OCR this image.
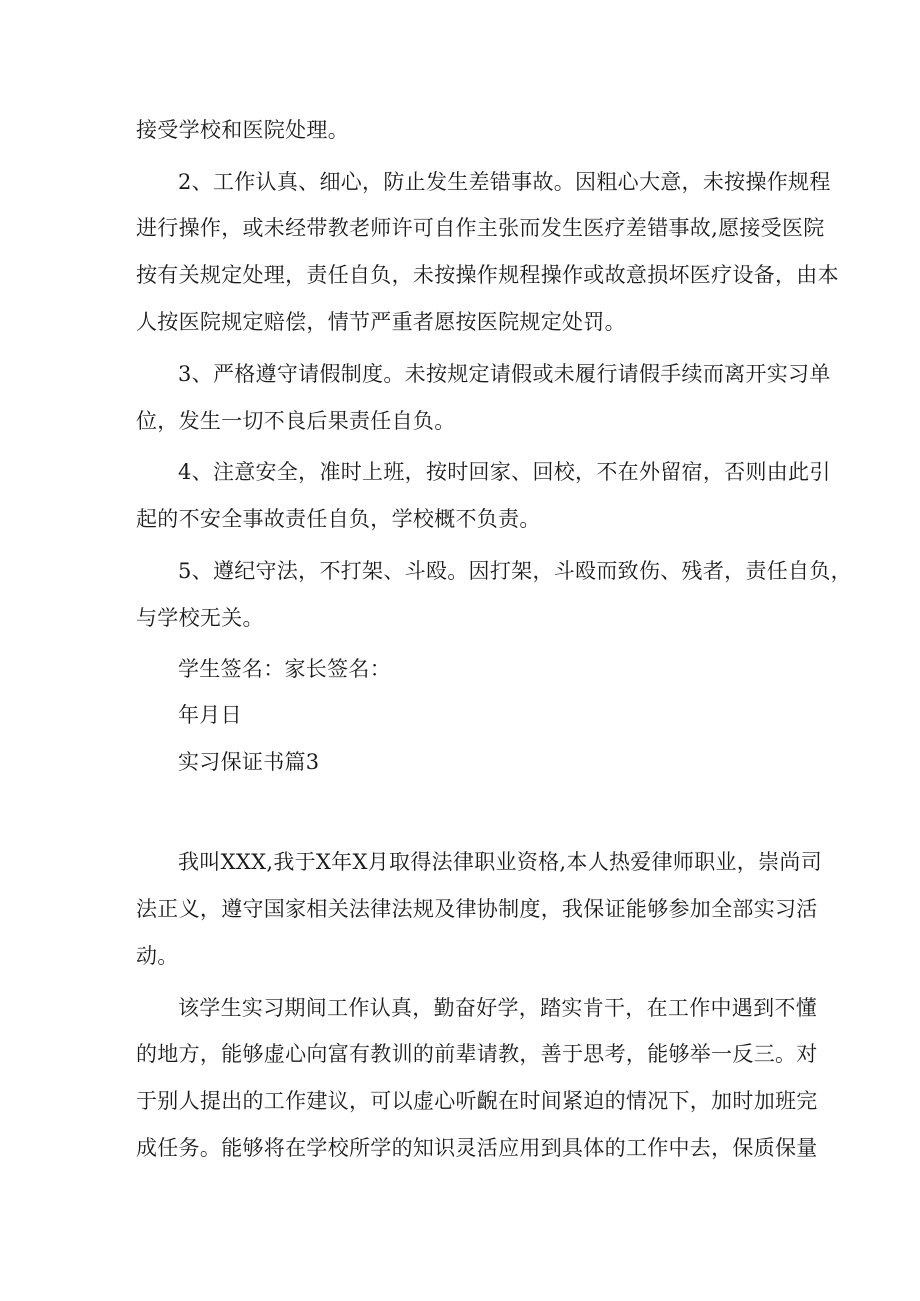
接受学校和医院处理。
2、工作认真、细心，防止发生差错事故。因粗心大意，未按操作规程
进行操作，或未经带教老师许可自作主张而发生医疗差错事故,愿接受医院
按有关规定处理，责任自负，未按操作规程操作或故意损坏医疗设备，由本
人按医院规定赔偿，情节严重者愿按医院规定处罚。
3、严格遵守请假制度。未按规定请假或未履行请假手续而离开实习单
位，发生一切不良后果责任自负。
4、注意安全，准时上班，按时回家、回校，不在外留宿，否则由此引
起的不安全事故责任自负，学校概不负责。
5、遵纪守法，不打架、斗殴。因打架，斗殴而致伤、残者，责任自负，
与学校无关。
学生签名：家长签名：
年月日
实习保证书篇3
我叫XXX,我于X年X月取得法律职业资格,本人热爱律师职业，崇尚司
法正义，遵守国家相关法律法规及律协制度，我保证能够参加全部实习活
动。
该学生实习期间工作认真，勤奋好学，踏实肯干，在工作中遇到不懂
的地方，能够虚心向富有教训的前辈请教，善于思考，能够举一反三。对
于别人提出的工作建议，可以虚心听齯在时间紧迫的情况下，加时加班完
成任务。能够将在学校所学的知识灵活应用到具体的工作中去，保质保量
